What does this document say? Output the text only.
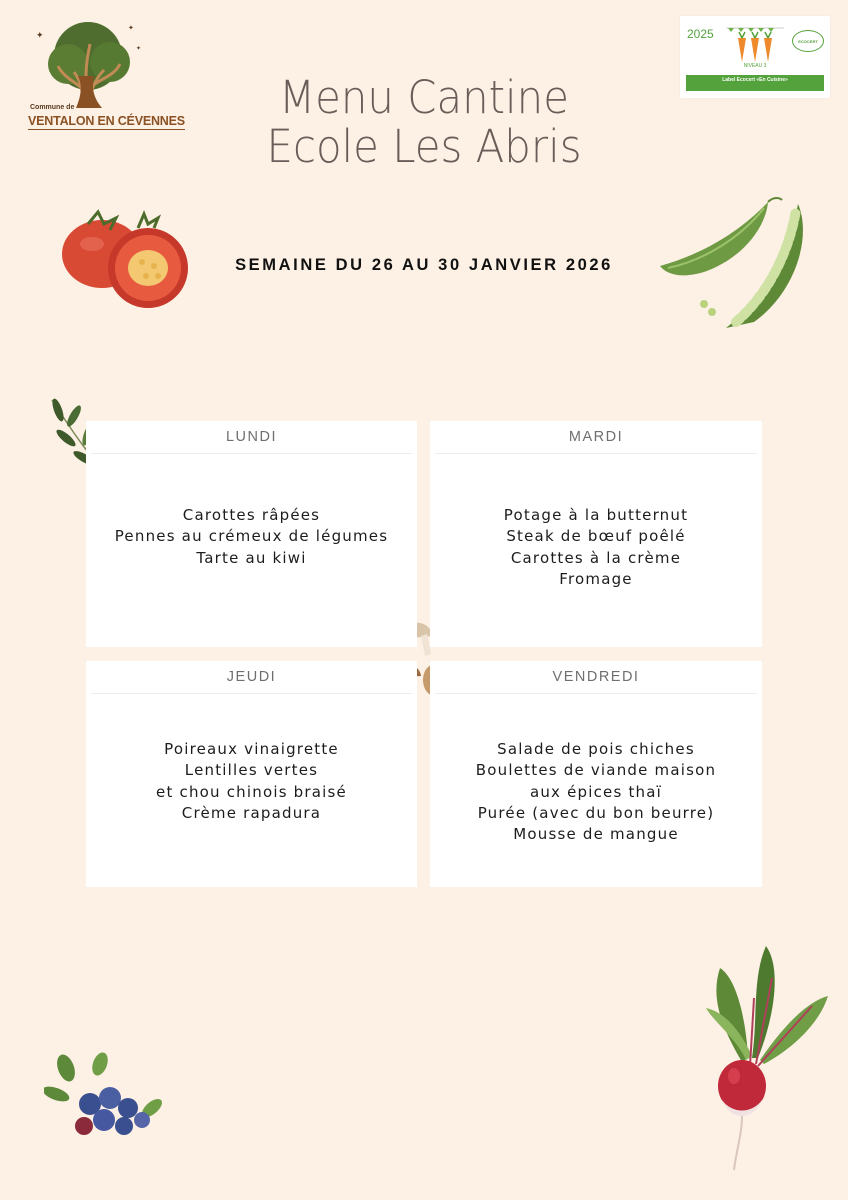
✦
✦
✦
Commune de
VENTALON EN CÉVENNES
2025
NIVEAU 3
ECOCERT
Label Ecocert «En Cuisine»
Menu Cantine
Ecole Les Abris
SEMAINE DU 26 AU 30 JANVIER 2026
LUNDI
Carottes râpées
Pennes au crémeux de légumes
Tarte au kiwi
MARDI
Potage à la butternut
Steak de bœuf poêlé
Carottes à la crème
Fromage
JEUDI
Poireaux vinaigrette
Lentilles vertes
et chou chinois braisé
Crème rapadura
VENDREDI
Salade de pois chiches
Boulettes de viande maison
aux épices thaï
Purée (avec du bon beurre)
Mousse de mangue
